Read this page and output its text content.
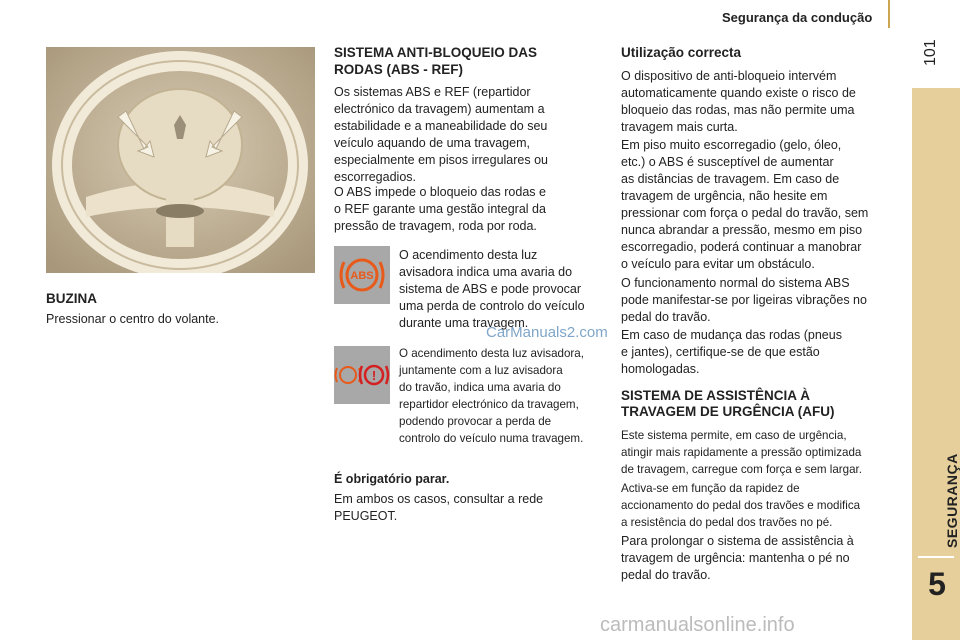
Segurança da condução
101
SEGURANÇA
5
BUZINA

Pressionar o centro do volante.

SISTEMA ANTI-BLOQUEIO DAS
RODAS (ABS - REF)

Os sistemas ABS e REF (repartidor

electrónico da travagem) aumentam a

estabilidade e a maneabilidade do seu

veículo aquando de uma travagem,

especialmente em pisos irregulares ou

escorregadios.

O ABS impede o bloqueio das rodas e

o REF garante uma gestão integral da

pressão de travagem, roda por roda.

ABS

O acendimento desta luz

avisadora indica uma avaria do

sistema de ABS e pode provocar

uma perda de controlo do veículo

durante uma travagem.

CarManuals2.com
!

O acendimento desta luz avisadora,

juntamente com a luz avisadora

do travão, indica uma avaria do

repartidor electrónico da travagem,

podendo provocar a perda de

controlo do veículo numa travagem.

É obrigatório parar.

Em ambos os casos, consultar a rede

PEUGEOT.

Utilização correcta

O dispositivo de anti-bloqueio intervém

automaticamente quando existe o risco de

bloqueio das rodas, mas não permite uma

travagem mais curta.

Em piso muito escorregadio (gelo, óleo,

etc.) o ABS é susceptível de aumentar

as distâncias de travagem. Em caso de

travagem de urgência, não hesite em

pressionar com força o pedal do travão, sem

nunca abrandar a pressão, mesmo em piso

escorregadio, poderá continuar a manobrar

o veículo para evitar um obstáculo.

O funcionamento normal do sistema ABS

pode manifestar-se por ligeiras vibrações no

pedal do travão.

Em caso de mudança das rodas (pneus

e jantes), certifique-se de que estão

homologadas.

SISTEMA DE ASSISTÊNCIA À
TRAVAGEM DE URGÊNCIA (AFU)

Este sistema permite, em caso de urgência,

atingir mais rapidamente a pressão optimizada

de travagem, carregue com força e sem largar.

Activa-se em função da rapidez de

accionamento do pedal dos travões e modifica

a resistência do pedal dos travões no pé.

Para prolongar o sistema de assistência à

travagem de urgência: mantenha o pé no

pedal do travão.

carmanualsonline.info
